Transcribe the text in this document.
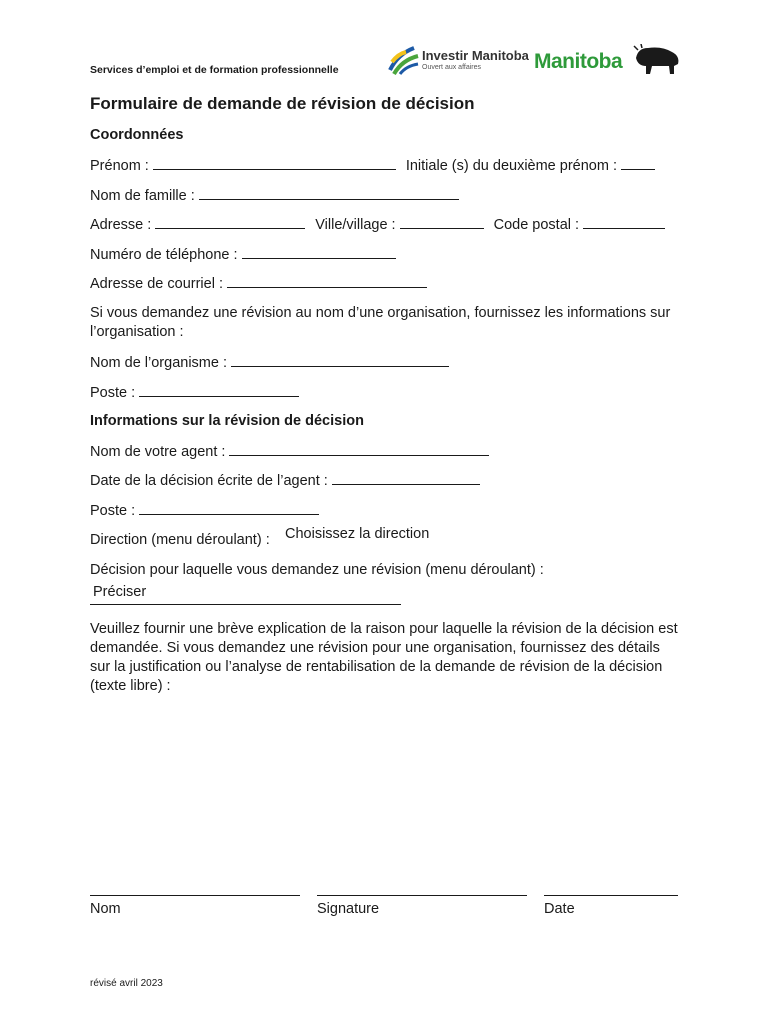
Services d’emploi et de formation professionnelle
Investir Manitoba
Ouvert aux affaires	Manitoba
Formulaire de demande de révision de décision
Coordonnées
Prénom :	Initiale (s) du deuxième prénom :
Nom de famille :
Adresse :	Ville/village :	Code postal :
Numéro de téléphone :
Adresse de courriel :
Si vous demandez une révision au nom d’une organisation, fournissez les informations sur l’organisation :
Nom de l’organisme :
Poste :
Informations sur la révision de décision
Nom de votre agent :
Date de la décision écrite de l’agent :
Poste :
Direction (menu déroulant) : Choisissez la direction
Décision pour laquelle vous demandez une révision (menu déroulant) :
Préciser
Veuillez fournir une brève explication de la raison pour laquelle la révision de la décision est demandée. Si vous demandez une révision pour une organisation, fournissez des détails sur la justification ou l’analyse de rentabilisation de la demande de révision de la décision (texte libre) :
Nom	Signature	Date
révisé avril 2023
